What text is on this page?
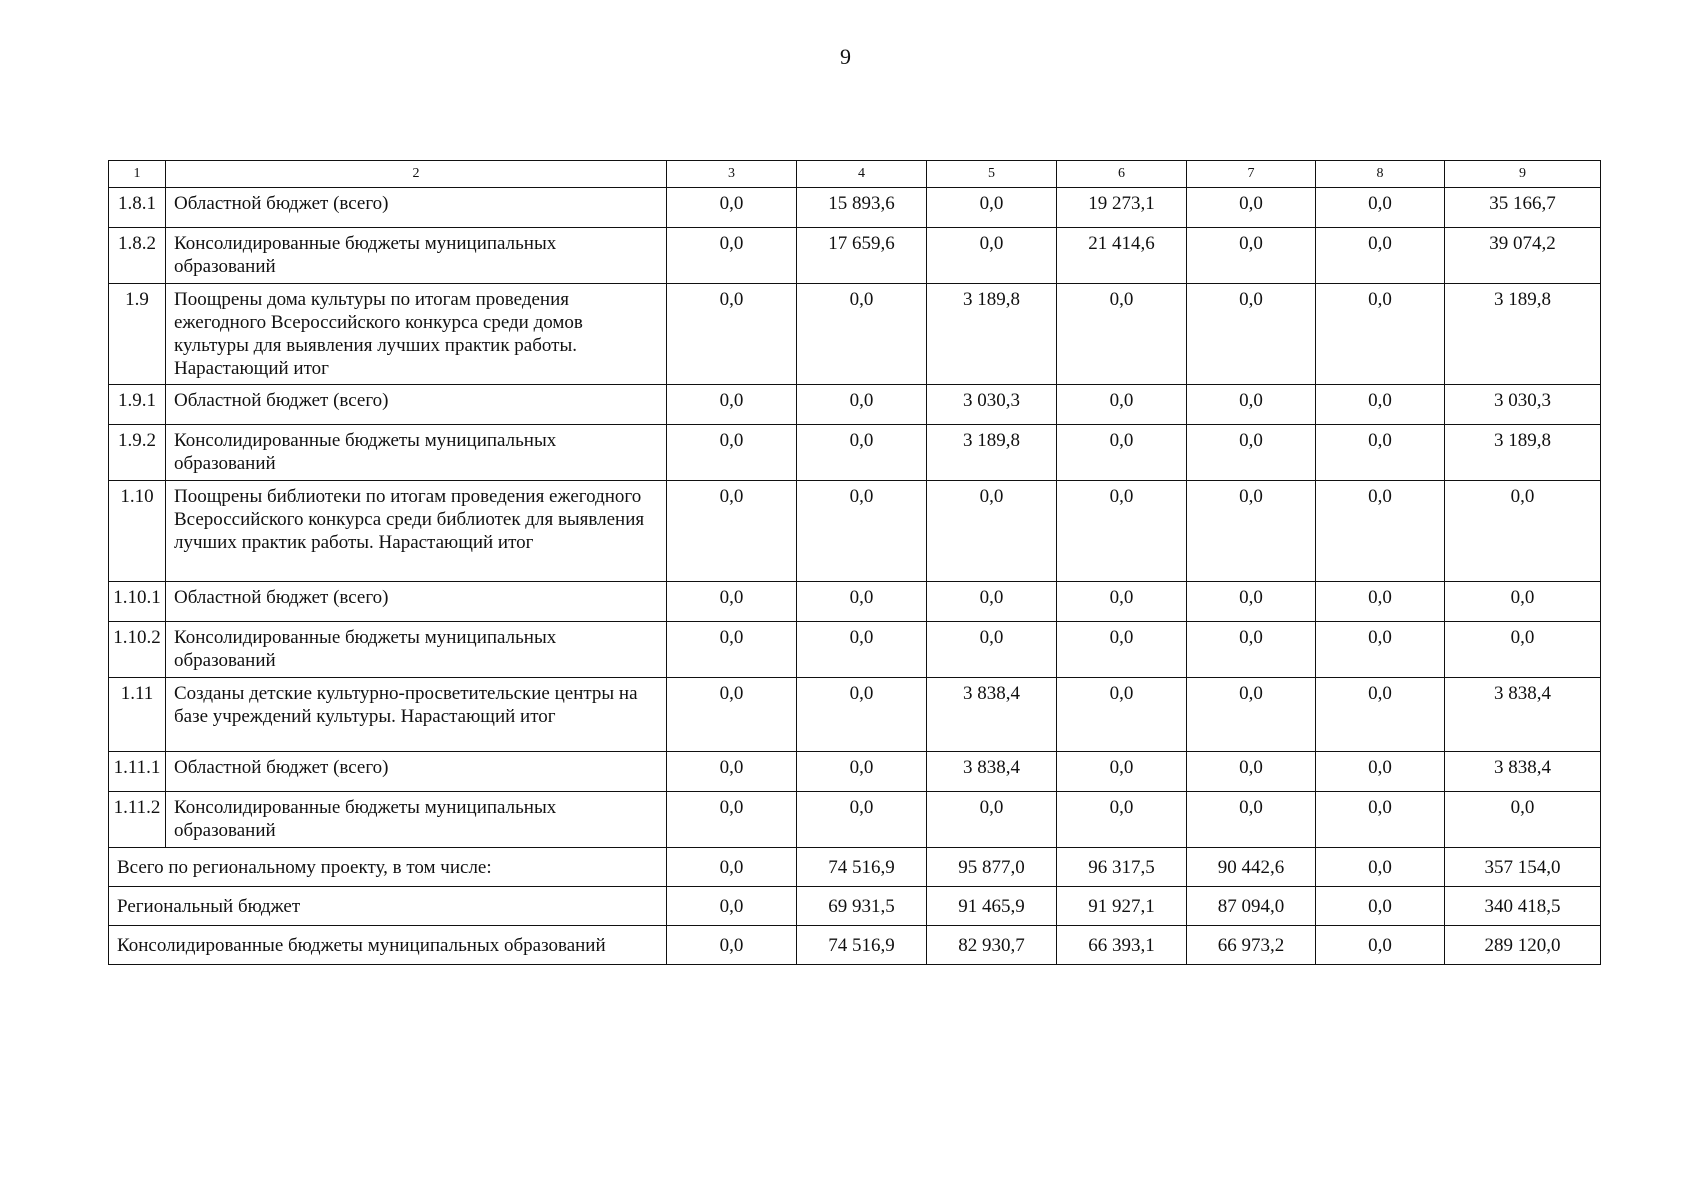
9
1	2	3	4	5	6	7	8	9
1.8.1	Областной бюджет (всего)	0,0	15 893,6	0,0	19 273,1	0,0	0,0	35 166,7
1.8.2	Консолидированные бюджеты муниципальных образований	0,0	17 659,6	0,0	21 414,6	0,0	0,0	39 074,2
1.9	Поощрены дома культуры по итогам проведения ежегодного Всероссийского конкурса среди домов культуры для выявления лучших практик работы. Нарастающий итог	0,0	0,0	3 189,8	0,0	0,0	0,0	3 189,8
1.9.1	Областной бюджет (всего)	0,0	0,0	3 030,3	0,0	0,0	0,0	3 030,3
1.9.2	Консолидированные бюджеты муниципальных образований	0,0	0,0	3 189,8	0,0	0,0	0,0	3 189,8
1.10	Поощрены библиотеки по итогам проведения ежегодного Всероссийского конкурса среди библиотек для выявления лучших практик работы. Нарастающий итог	0,0	0,0	0,0	0,0	0,0	0,0	0,0
1.10.1	Областной бюджет (всего)	0,0	0,0	0,0	0,0	0,0	0,0	0,0
1.10.2	Консолидированные бюджеты муниципальных образований	0,0	0,0	0,0	0,0	0,0	0,0	0,0
1.11	Созданы детские культурно-просветительские центры на базе учреждений культуры. Нарастающий итог	0,0	0,0	3 838,4	0,0	0,0	0,0	3 838,4
1.11.1	Областной бюджет (всего)	0,0	0,0	3 838,4	0,0	0,0	0,0	3 838,4
1.11.2	Консолидированные бюджеты муниципальных образований	0,0	0,0	0,0	0,0	0,0	0,0	0,0
Всего по региональному проекту, в том числе:		0,0	74 516,9	95 877,0	96 317,5	90 442,6	0,0	357 154,0
Региональный бюджет		0,0	69 931,5	91 465,9	91 927,1	87 094,0	0,0	340 418,5
Консолидированные бюджеты муниципальных образований		0,0	74 516,9	82 930,7	66 393,1	66 973,2	0,0	289 120,0
